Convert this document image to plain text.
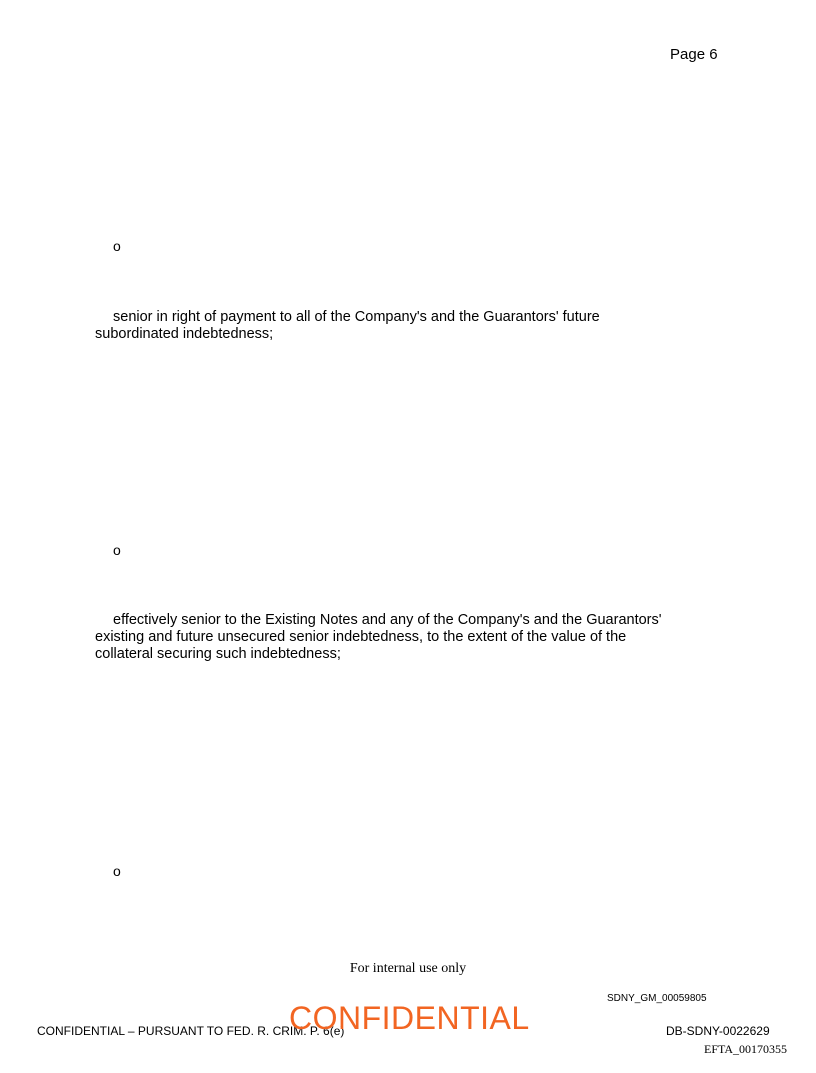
Page 6
o
senior in right of payment to all of the Company's and the Guarantors' future
subordinated indebtedness;
o
effectively senior to the Existing Notes and any of the Company's and the Guarantors'
existing and future unsecured senior indebtedness, to the extent of the value of the
collateral securing such indebtedness;
o
For internal use only
SDNY_GM_00059805
CONFIDENTIAL – PURSUANT TO FED. R. CRIM. P. 6(e)
CONFIDENTIAL	DB-SDNY-0022629
EFTA_00170355
